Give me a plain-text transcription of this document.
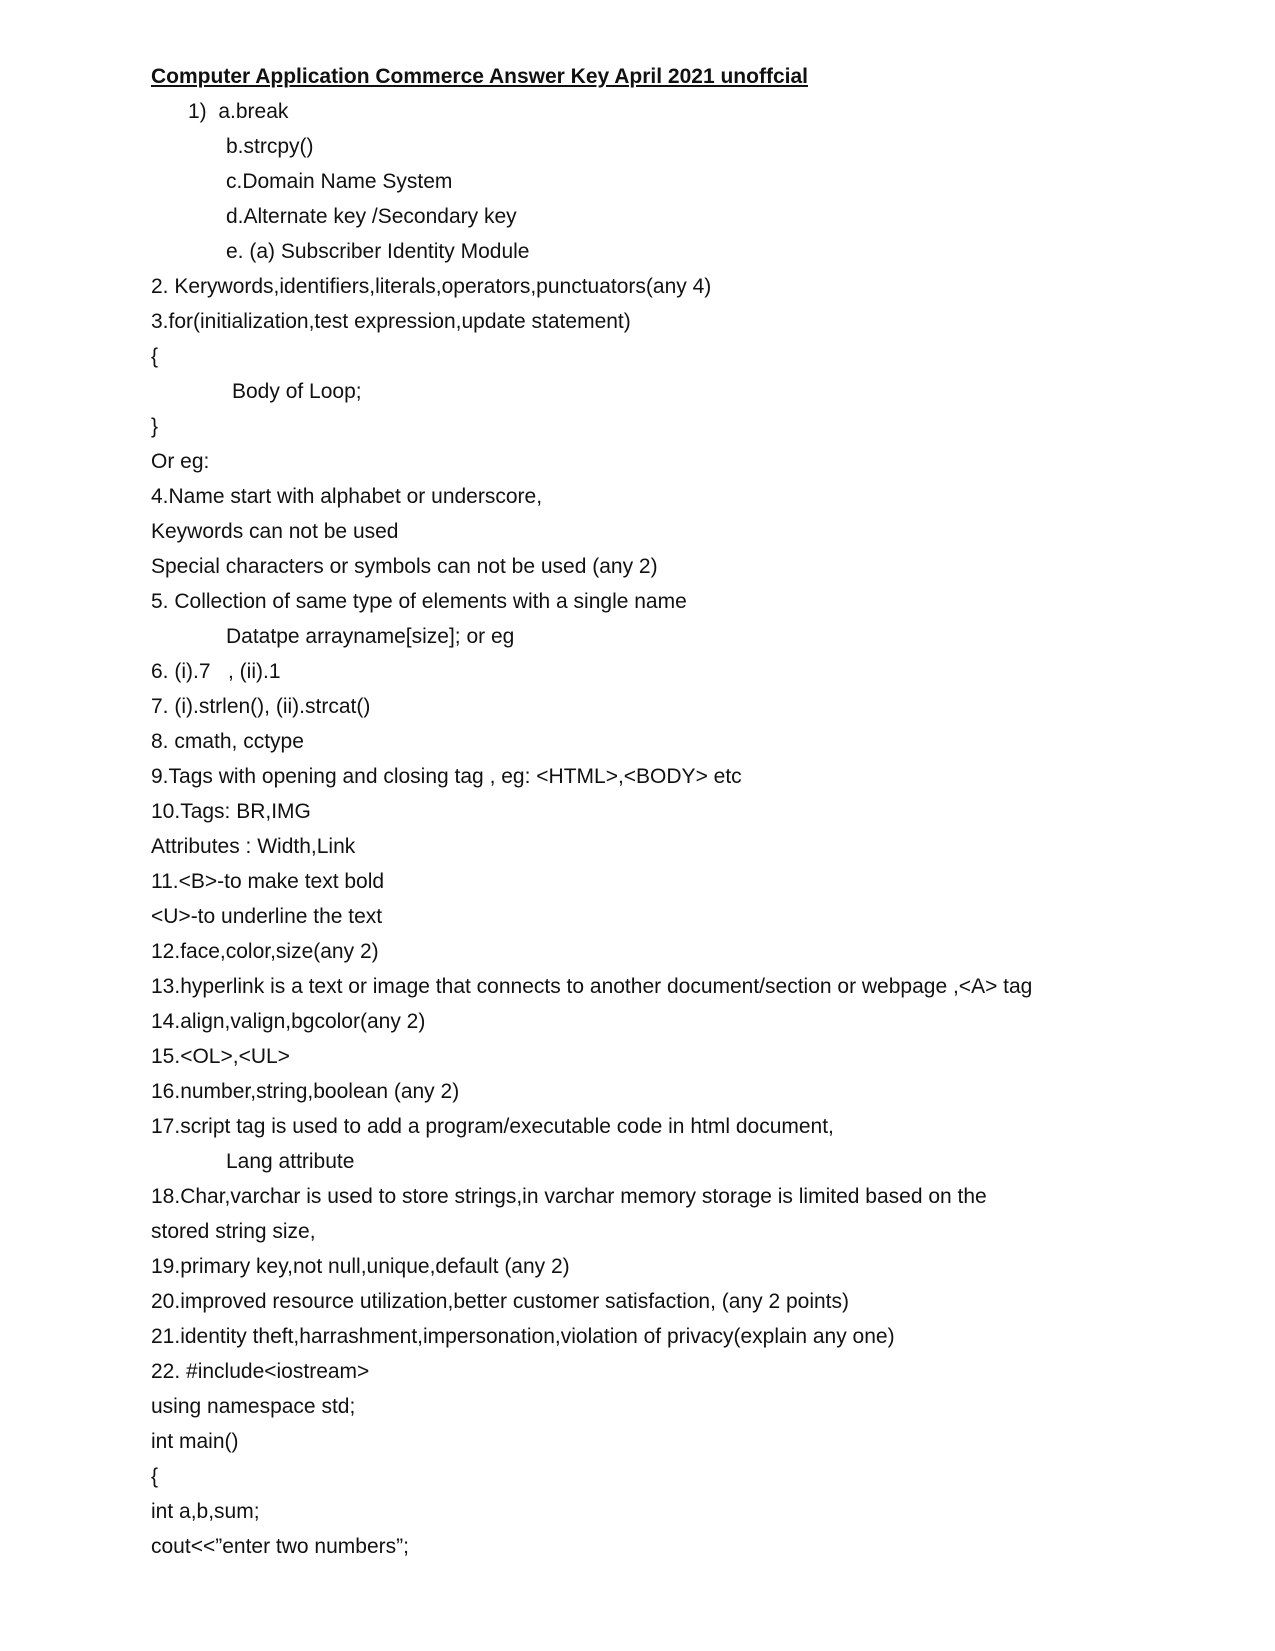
Computer Application Commerce Answer Key April 2021 unoffcial
1)  a.break
b.strcpy()
c.Domain Name System
d.Alternate key /Secondary key
e. (a) Subscriber Identity Module
2. Kerywords,identifiers,literals,operators,punctuators(any 4)
3.for(initialization,test expression,update statement)
{
Body of Loop;
}
Or eg:
4.Name start with alphabet or underscore,
Keywords can not be used
Special characters or symbols can not be used (any 2)
5. Collection of same type of elements with a single name
Datatpe arrayname[size]; or eg
6. (i).7   , (ii).1
7. (i).strlen(), (ii).strcat()
8. cmath, cctype
9.Tags with opening and closing tag , eg: <HTML>,<BODY> etc
10.Tags: BR,IMG
Attributes : Width,Link
11.<B>-to make text bold
<U>-to underline the text
12.face,color,size(any 2)
13.hyperlink is a text or image that connects to another document/section or webpage ,<A> tag
14.align,valign,bgcolor(any 2)
15.<OL>,<UL>
16.number,string,boolean (any 2)
17.script tag is used to add a program/executable code in html document,
Lang attribute
18.Char,varchar is used to store strings,in varchar memory storage is limited based on the
stored string size,
19.primary key,not null,unique,default (any 2)
20.improved resource utilization,better customer satisfaction, (any 2 points)
21.identity theft,harrashment,impersonation,violation of privacy(explain any one)
22. #include<iostream>
using namespace std;
int main()
{
int a,b,sum;
cout<<”enter two numbers”;
